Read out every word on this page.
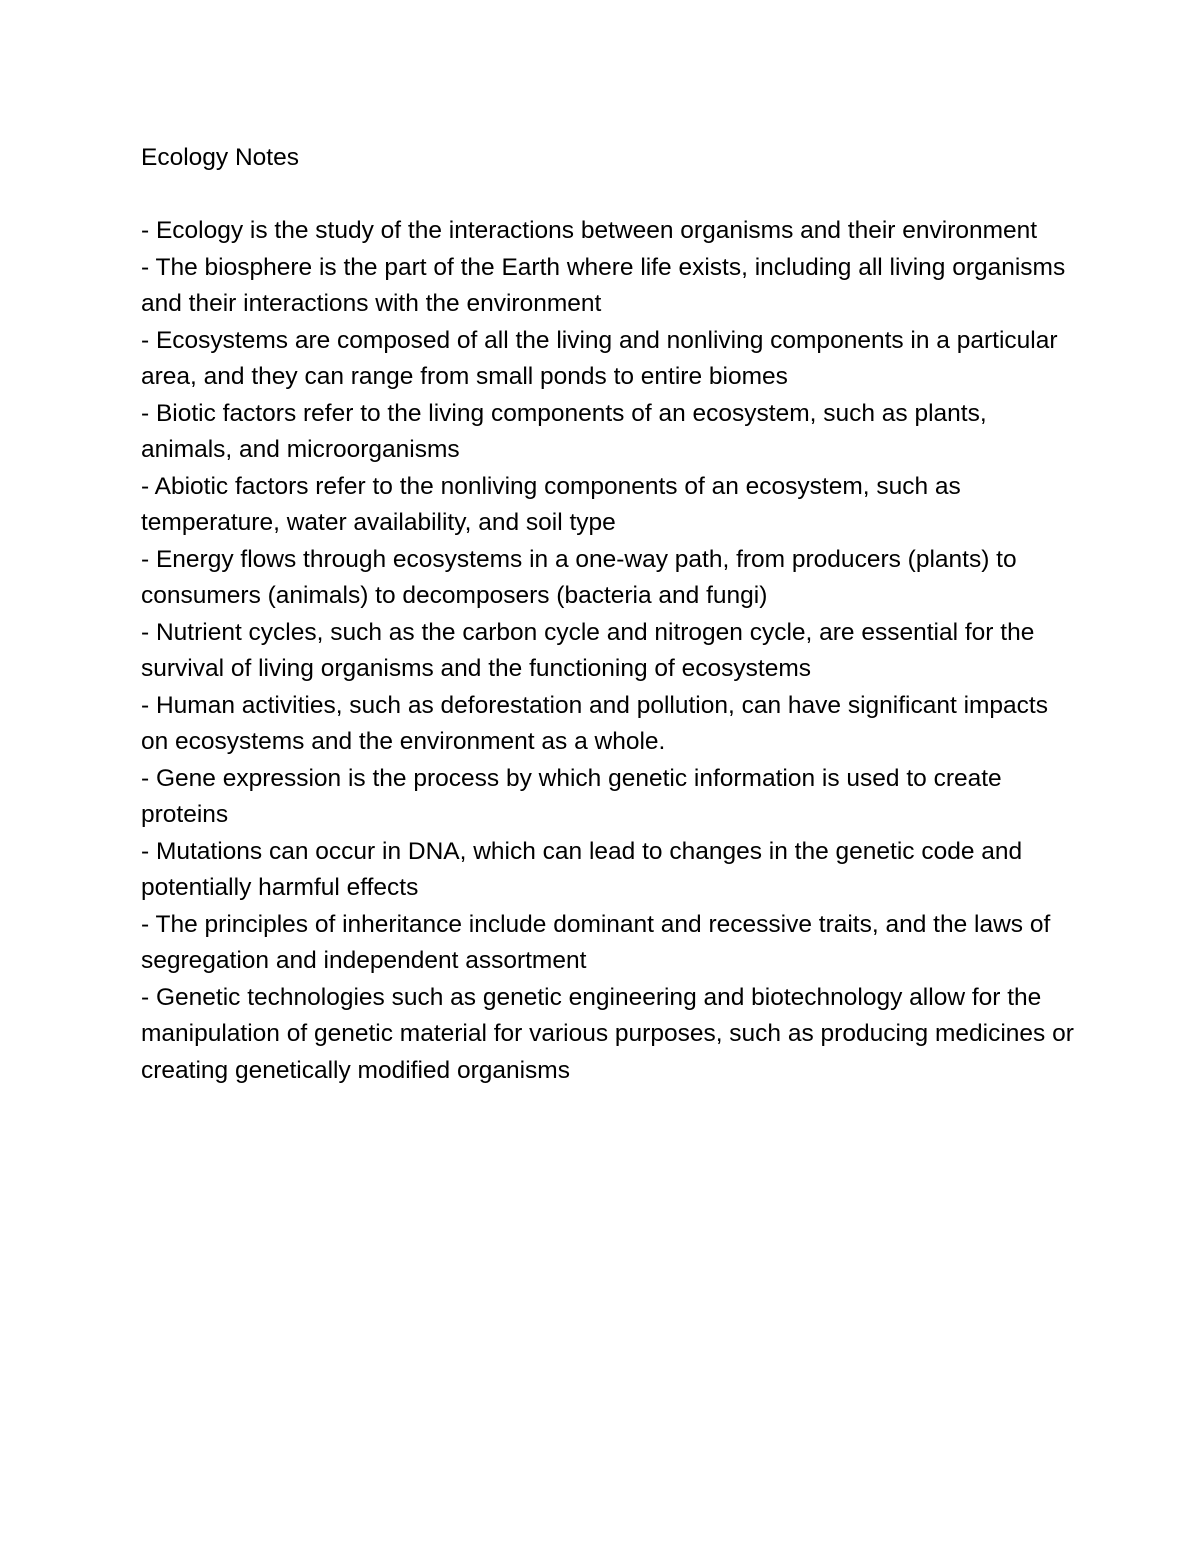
Ecology Notes
- Ecology is the study of the interactions between organisms and their environment
- The biosphere is the part of the Earth where life exists, including all living organisms and their interactions with the environment
- Ecosystems are composed of all the living and nonliving components in a particular area, and they can range from small ponds to entire biomes
- Biotic factors refer to the living components of an ecosystem, such as plants, animals, and microorganisms
- Abiotic factors refer to the nonliving components of an ecosystem, such as temperature, water availability, and soil type
- Energy flows through ecosystems in a one-way path, from producers (plants) to consumers (animals) to decomposers (bacteria and fungi)
- Nutrient cycles, such as the carbon cycle and nitrogen cycle, are essential for the survival of living organisms and the functioning of ecosystems
- Human activities, such as deforestation and pollution, can have significant impacts on ecosystems and the environment as a whole.
- Gene expression is the process by which genetic information is used to create proteins
- Mutations can occur in DNA, which can lead to changes in the genetic code and potentially harmful effects
- The principles of inheritance include dominant and recessive traits, and the laws of segregation and independent assortment
- Genetic technologies such as genetic engineering and biotechnology allow for the manipulation of genetic material for various purposes, such as producing medicines or creating genetically modified organisms
